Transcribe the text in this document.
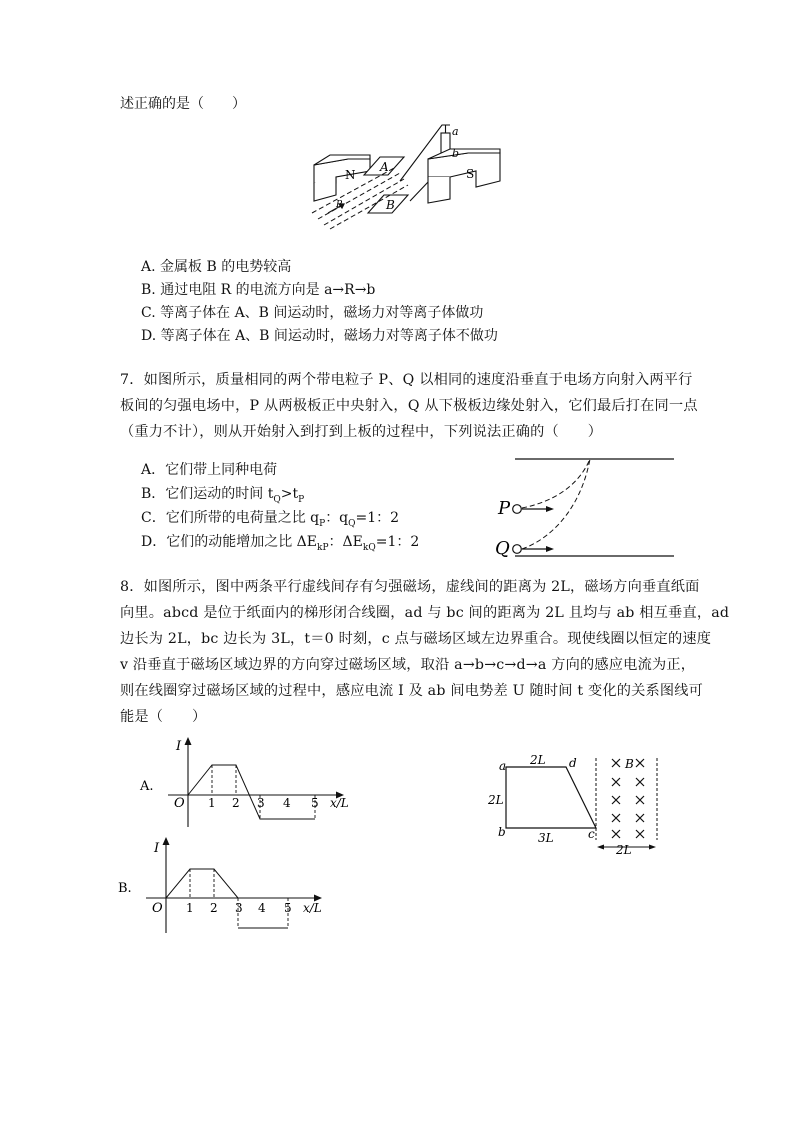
述正确的是（　　）
N	S
A
B
a
b
P
A. 金属板 B 的电势较高
B. 通过电阻 R 的电流方向是 a→R→b
C. 等离子体在 A、B 间运动时，磁场力对等离子体做功
D. 等离子体在 A、B 间运动时，磁场力对等离子体不做功
7．如图所示，质量相同的两个带电粒子 P、Q 以相同的速度沿垂直于电场方向射入两平行
板间的匀强电场中，P 从两极板正中央射入，Q 从下极板边缘处射入，它们最后打在同一点
（重力不计），则从开始射入到打到上板的过程中，下列说法正确的（　　）
A．它们带上同种电荷
B．它们运动的时间 $t_Q>t_P$
C．它们所带的电荷量之比 $q_P$：$q_Q=1$：2
D．它们的动能增加之比 $\Delta E_{kP}$：$\Delta E_{kQ}=1$：2
P
Q
8．如图所示，图中两条平行虚线间存有匀强磁场，虚线间的距离为 2L，磁场方向垂直纸面
向里。abcd 是位于纸面内的梯形闭合线圈，ad 与 bc 间的距离为 2L 且均与 ab 相互垂直，ad
边长为 2L，bc 边长为 3L，t＝0 时刻，c 点与磁场区域左边界重合。现使线圈以恒定的速度
v 沿垂直于磁场区域边界的方向穿过磁场区域，取沿 a→b→c→d→a 方向的感应电流为正，
则在线圈穿过磁场区域的过程中，感应电流 I 及 ab 间电势差 U 随时间 t 变化的关系图线可
能是（　　）
A.
I
O 1 2 3 4 5 x/L
B.
I
O 1 2 3 4 5 x/L
a
b	c
d
2L
2L
3L
B
2L
